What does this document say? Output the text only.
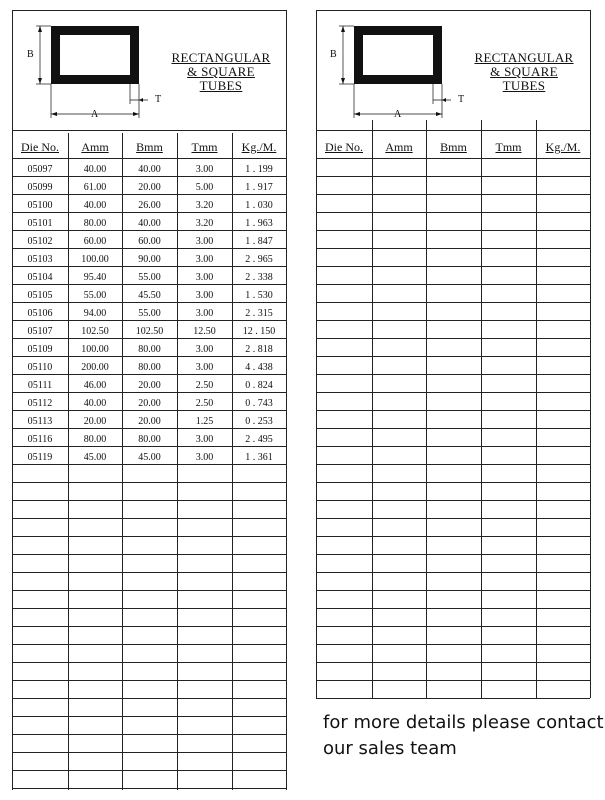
B
A
T
RECTANGULAR
& SQUARE
TUBES
Die No.	Amm	Bmm	Tmm	Kg./M.
05097	40.00	40.00	3.00	1 . 199
05099	61.00	20.00	5.00	1 . 917
05100	40.00	26.00	3.20	1 . 030
05101	80.00	40.00	3.20	1 . 963
05102	60.00	60.00	3.00	1 . 847
05103	100.00	90.00	3.00	2 . 965
05104	95.40	55.00	3.00	2 . 338
05105	55.00	45.50	3.00	1 . 530
05106	94.00	55.00	3.00	2 . 315
05107	102.50	102.50	12.50	12 . 150
05109	100.00	80.00	3.00	2 . 818
05110	200.00	80.00	3.00	4 . 438
05111	46.00	20.00	2.50	0 . 824
05112	40.00	20.00	2.50	0 . 743
05113	20.00	20.00	1.25	0 . 253
05116	80.00	80.00	3.00	2 . 495
05119	45.00	45.00	3.00	1 . 361
B
A
T
RECTANGULAR
& SQUARE
TUBES
Die No.	Amm	Bmm	Tmm	Kg./M.
for more details please contact
our sales team
